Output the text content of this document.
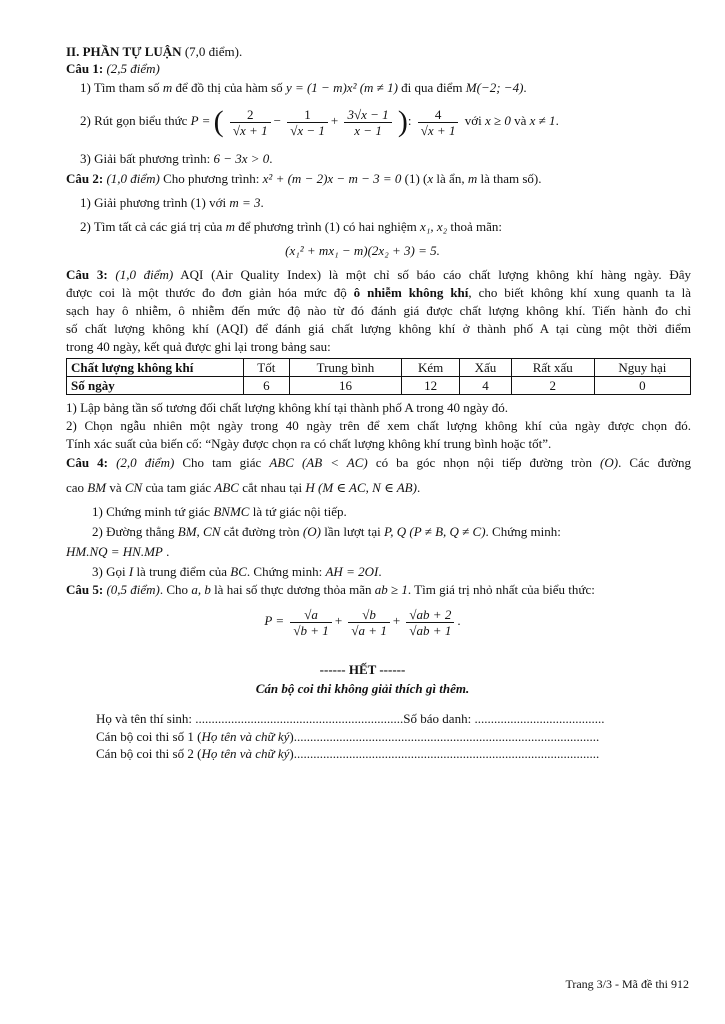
II. PHẦN TỰ LUẬN (7,0 điểm).
Câu 1: (2,5 điểm)
1) Tìm tham số m để đồ thị của hàm số y = (1 − m)x² (m ≠ 1) đi qua điểm M(−2; −4).
2) Rút gọn biểu thức P = ( $\frac{2}{√x + 1} - \frac{1}{√x - 1} + \frac{3√x - 1}{x - 1}$ ): $\frac{4}{√x + 1}$ với x ≥ 0 và x ≠ 1.
3) Giải bất phương trình: 6 − 3x > 0.
Câu 2: (1,0 điểm) Cho phương trình: x² + (m − 2)x − m − 3 = 0 (1) (x là ẩn, m là tham số).
1) Giải phương trình (1) với m = 3.
2) Tìm tất cả các giá trị của m để phương trình (1) có hai nghiệm x₁, x₂ thoả mãn:
(x₁² + mx₁ − m)(2x₂ + 3) = 5.
Câu 3: (1,0 điểm) AQI (Air Quality Index) là một chỉ số báo cáo chất lượng không khí hàng ngày. Đây
được coi là một thước đo đơn giản hóa mức độ ô nhiễm không khí, cho biết không khí xung quanh ta là
sạch hay ô nhiễm, ô nhiễm đến mức độ nào từ đó đánh giá được chất lượng không khí. Tiến hành đo chỉ
số chất lượng không khí (AQI) để đánh giá chất lượng không khí ở thành phố A tại cùng một thời điểm
trong 40 ngày, kết quả được ghi lại trong bảng sau:
Chất lượng không khí	Tốt	Trung bình	Kém	Xấu	Rất xấu	Nguy hại
Số ngày	6	16	12	4	2	0
1) Lập bảng tần số tương đối chất lượng không khí tại thành phố A trong 40 ngày đó.
2) Chọn ngẫu nhiên một ngày trong 40 ngày trên để xem chất lượng không khí của ngày được chọn đó.
Tính xác suất của biến cố: “Ngày được chọn ra có chất lượng không khí trung bình hoặc tốt”.
Câu 4: (2,0 điểm) Cho tam giác ABC (AB < AC) có ba góc nhọn nội tiếp đường tròn (O). Các đường
cao BM và CN của tam giác ABC cắt nhau tại H (M ∈ AC, N ∈ AB).
1) Chứng minh tứ giác BNMC là tứ giác nội tiếp.
2) Đường thẳng BM, CN cắt đường tròn (O) lần lượt tại P, Q (P ≠ B, Q ≠ C). Chứng minh:
HM.NQ = HN.MP .
3) Gọi I là trung điểm của BC. Chứng minh: AH = 2OI.
Câu 5: (0,5 điểm). Cho a, b là hai số thực dương thỏa mãn ab ≥ 1. Tìm giá trị nhỏ nhất của biểu thức:
$P = \frac{√a}{√b + 1} + \frac{√b}{√a + 1} + \frac{√ab + 2}{√ab + 1}$ .
------ HẾT ------
Cán bộ coi thi không giải thích gì thêm.
Họ và tên thí sinh: ................................................................Số báo danh: ........................................
Cán bộ coi thi số 1 (Họ tên và chữ ký)..............................................................................................
Cán bộ coi thi số 2 (Họ tên và chữ ký)..............................................................................................
Trang 3/3 - Mã đề thi 912
